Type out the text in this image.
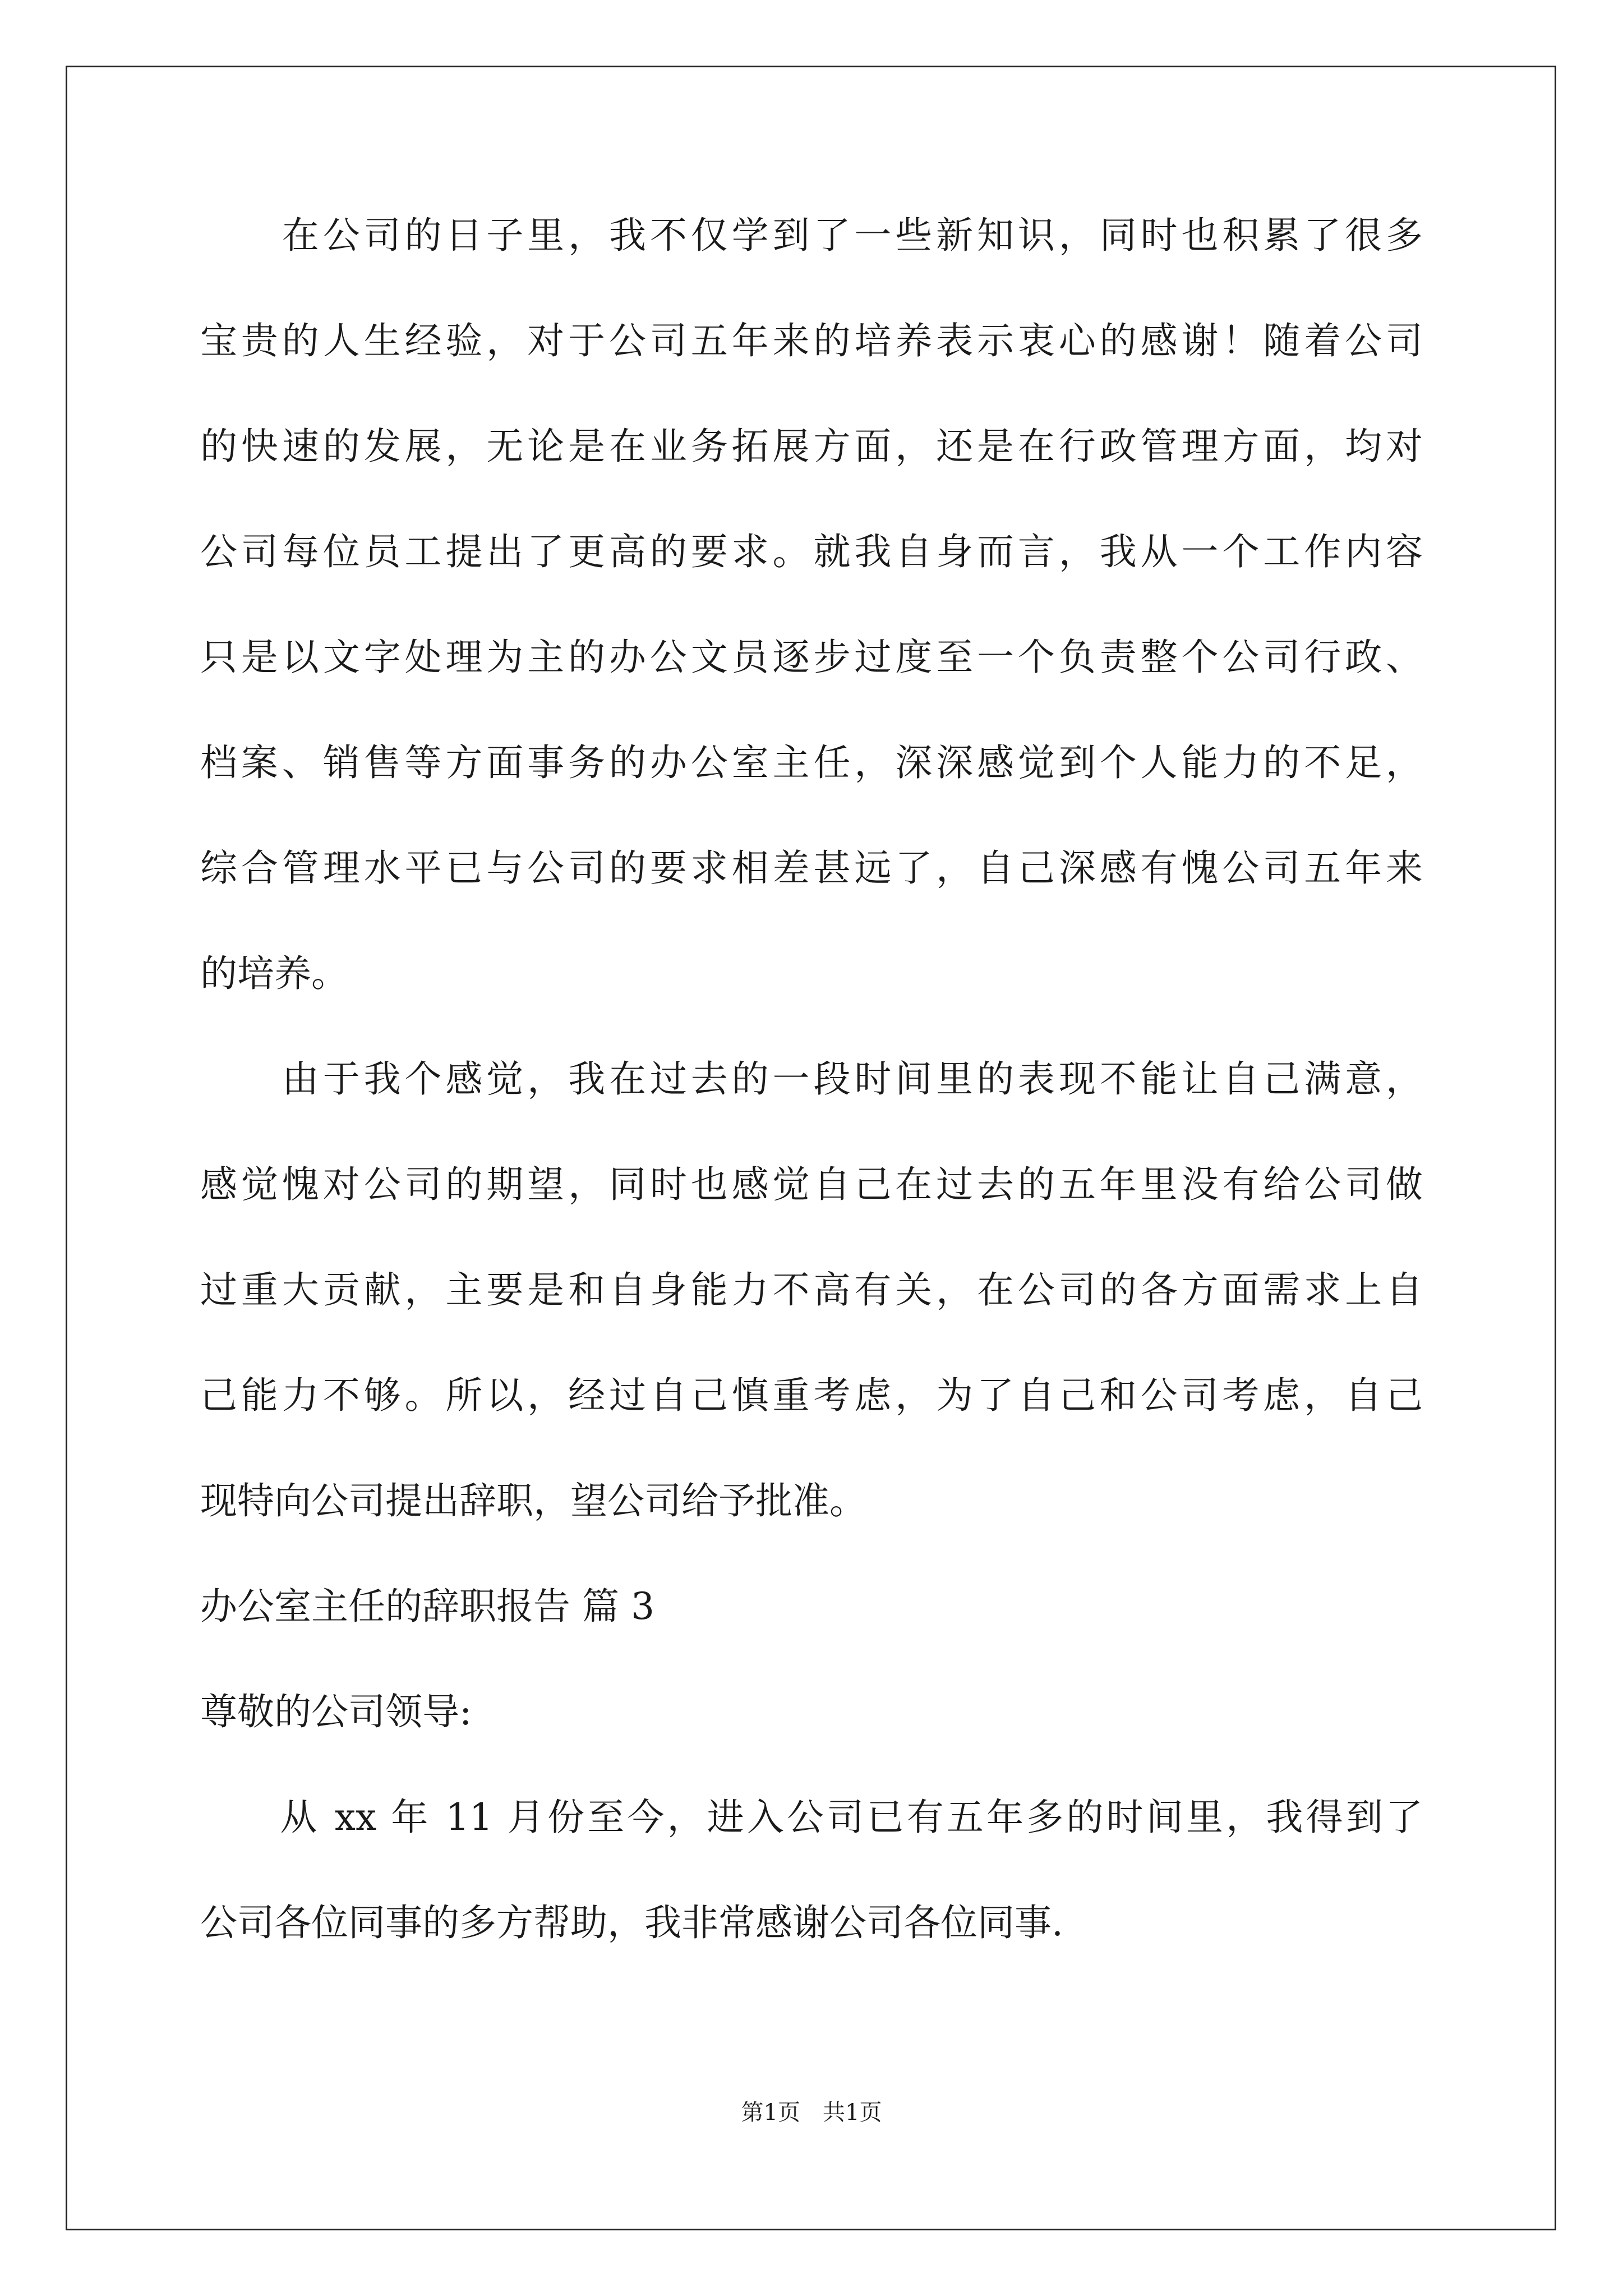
　　在公司的日子里，我不仅学到了一些新知识，同时也积累了很多
宝贵的人生经验，对于公司五年来的培养表示衷心的感谢！随着公司
的快速的发展，无论是在业务拓展方面，还是在行政管理方面，均对
公司每位员工提出了更高的要求。就我自身而言，我从一个工作内容
只是以文字处理为主的办公文员逐步过度至一个负责整个公司行政、
档案、销售等方面事务的办公室主任，深深感觉到个人能力的不足，
综合管理水平已与公司的要求相差甚远了，自己深感有愧公司五年来
的培养。
　　由于我个感觉，我在过去的一段时间里的表现不能让自己满意，
感觉愧对公司的期望，同时也感觉自己在过去的五年里没有给公司做
过重大贡献，主要是和自身能力不高有关，在公司的各方面需求上自
己能力不够。所以，经过自己慎重考虑，为了自己和公司考虑，自己
现特向公司提出辞职，望公司给予批准。
办公室主任的辞职报告 篇 3
尊敬的公司领导:
　　从 xx 年 11 月份至今，进入公司已有五年多的时间里，我得到了
公司各位同事的多方帮助，我非常感谢公司各位同事.
第1页　共1页
